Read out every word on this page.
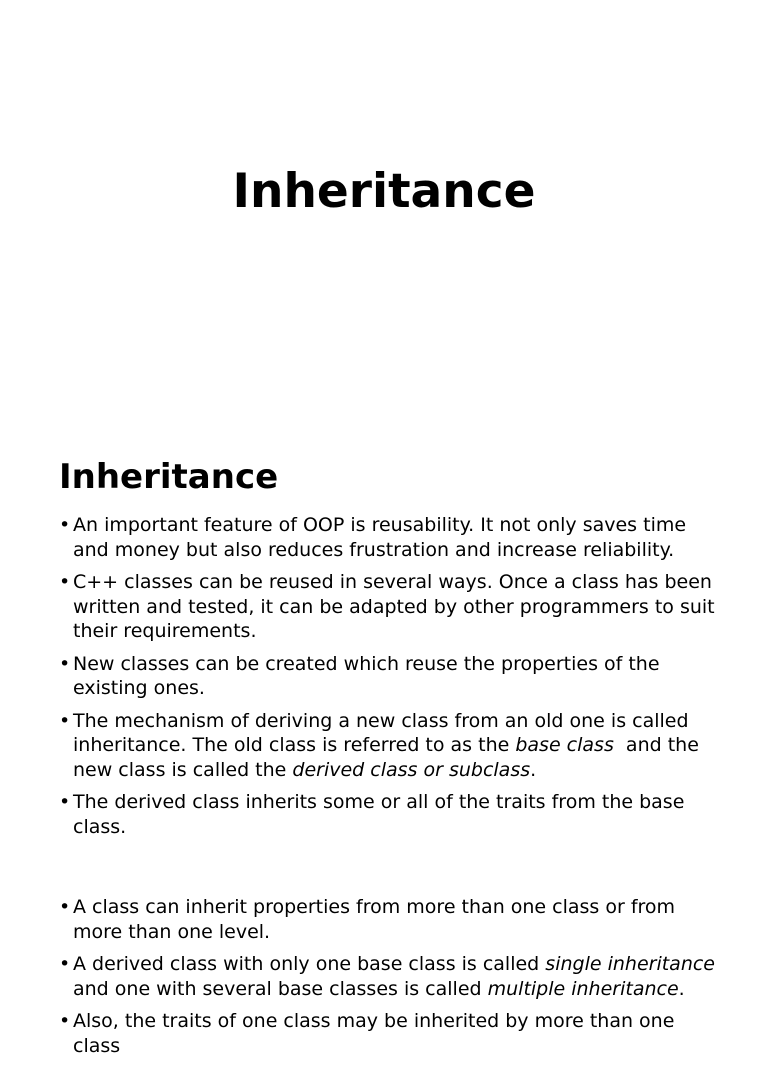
Inheritance
Inheritance
• An important feature of OOP is reusability. It not only saves time and money but also reduces frustration and increase reliability.
• C++ classes can be reused in several ways. Once a class has been written and tested, it can be adapted by other programmers to suit their requirements.
• New classes can be created which reuse the properties of the existing ones.
• The mechanism of deriving a new class from an old one is called inheritance. The old class is referred to as the base class  and the new class is called the derived class or subclass.
• The derived class inherits some or all of the traits from the base class.
• A class can inherit properties from more than one class or from more than one level.
• A derived class with only one base class is called single inheritance and one with several base classes is called multiple inheritance.
• Also, the traits of one class may be inherited by more than one class
